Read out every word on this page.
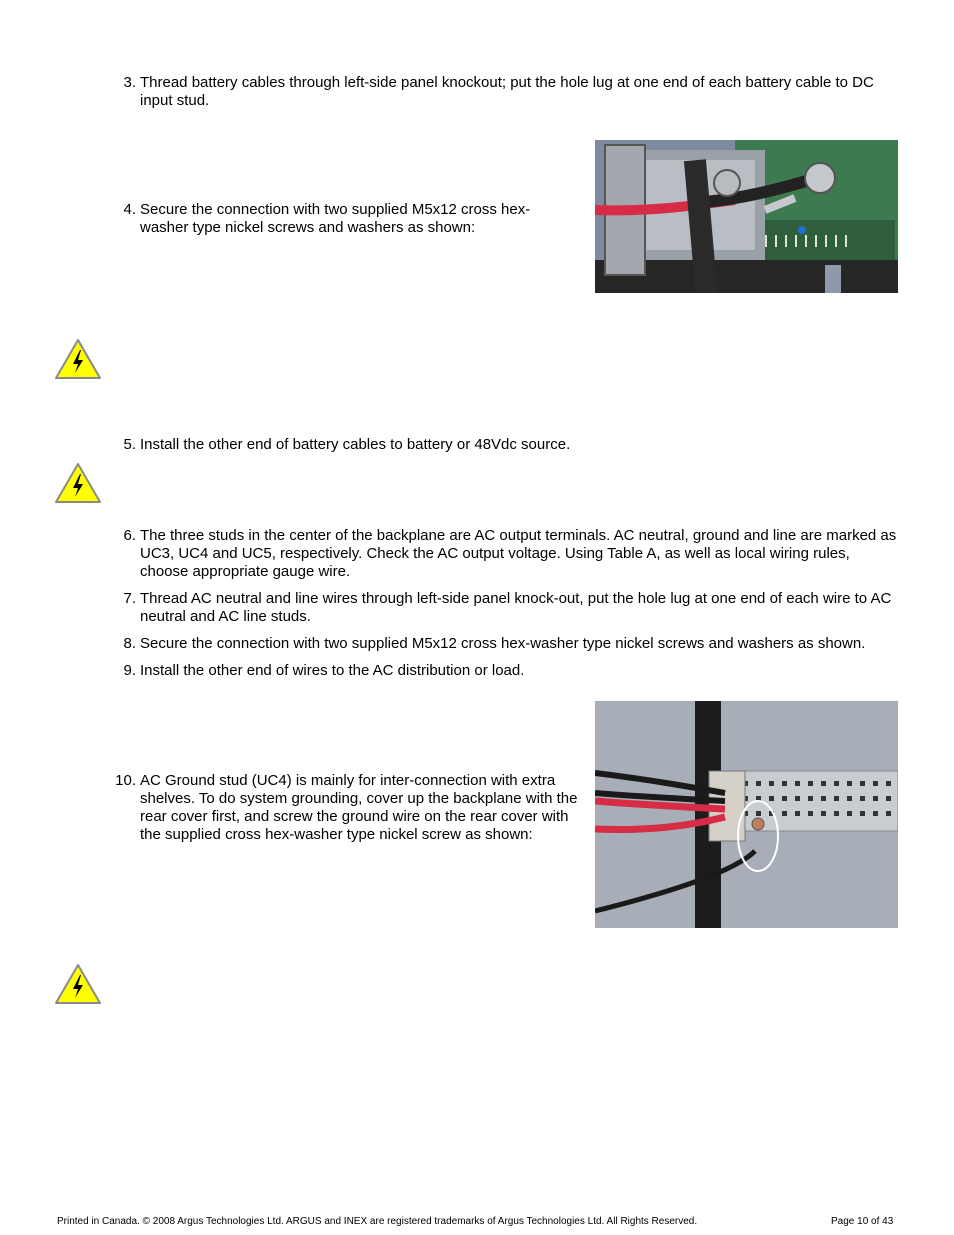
3. Thread battery cables through left-side panel knockout; put the hole lug at one end of each battery cable to DC input stud.
4. Secure the connection with two supplied M5x12 cross hex-washer type nickel screws and washers as shown:
5. Install the other end of battery cables to battery or 48Vdc source.
6. The three studs in the center of the backplane are AC output terminals. AC neutral, ground and line are marked as UC3, UC4 and UC5, respectively. Check the AC output voltage. Using Table A, as well as local wiring rules, choose appropriate gauge wire.
7. Thread AC neutral and line wires through left-side panel knock-out, put the hole lug at one end of each wire to AC neutral and AC line studs.
8. Secure the connection with two supplied M5x12 cross hex-washer type nickel screws and washers as shown.
9. Install the other end of wires to the AC distribution or load.
10. AC Ground stud (UC4) is mainly for inter-connection with extra shelves. To do system grounding, cover up the backplane with the rear cover first, and screw the ground wire on the rear cover with the supplied cross hex-washer type nickel screw as shown:
Printed in Canada. © 2008 Argus Technologies Ltd. ARGUS and INEX are registered trademarks of Argus Technologies Ltd. All Rights Reserved.	Page 10 of 43
